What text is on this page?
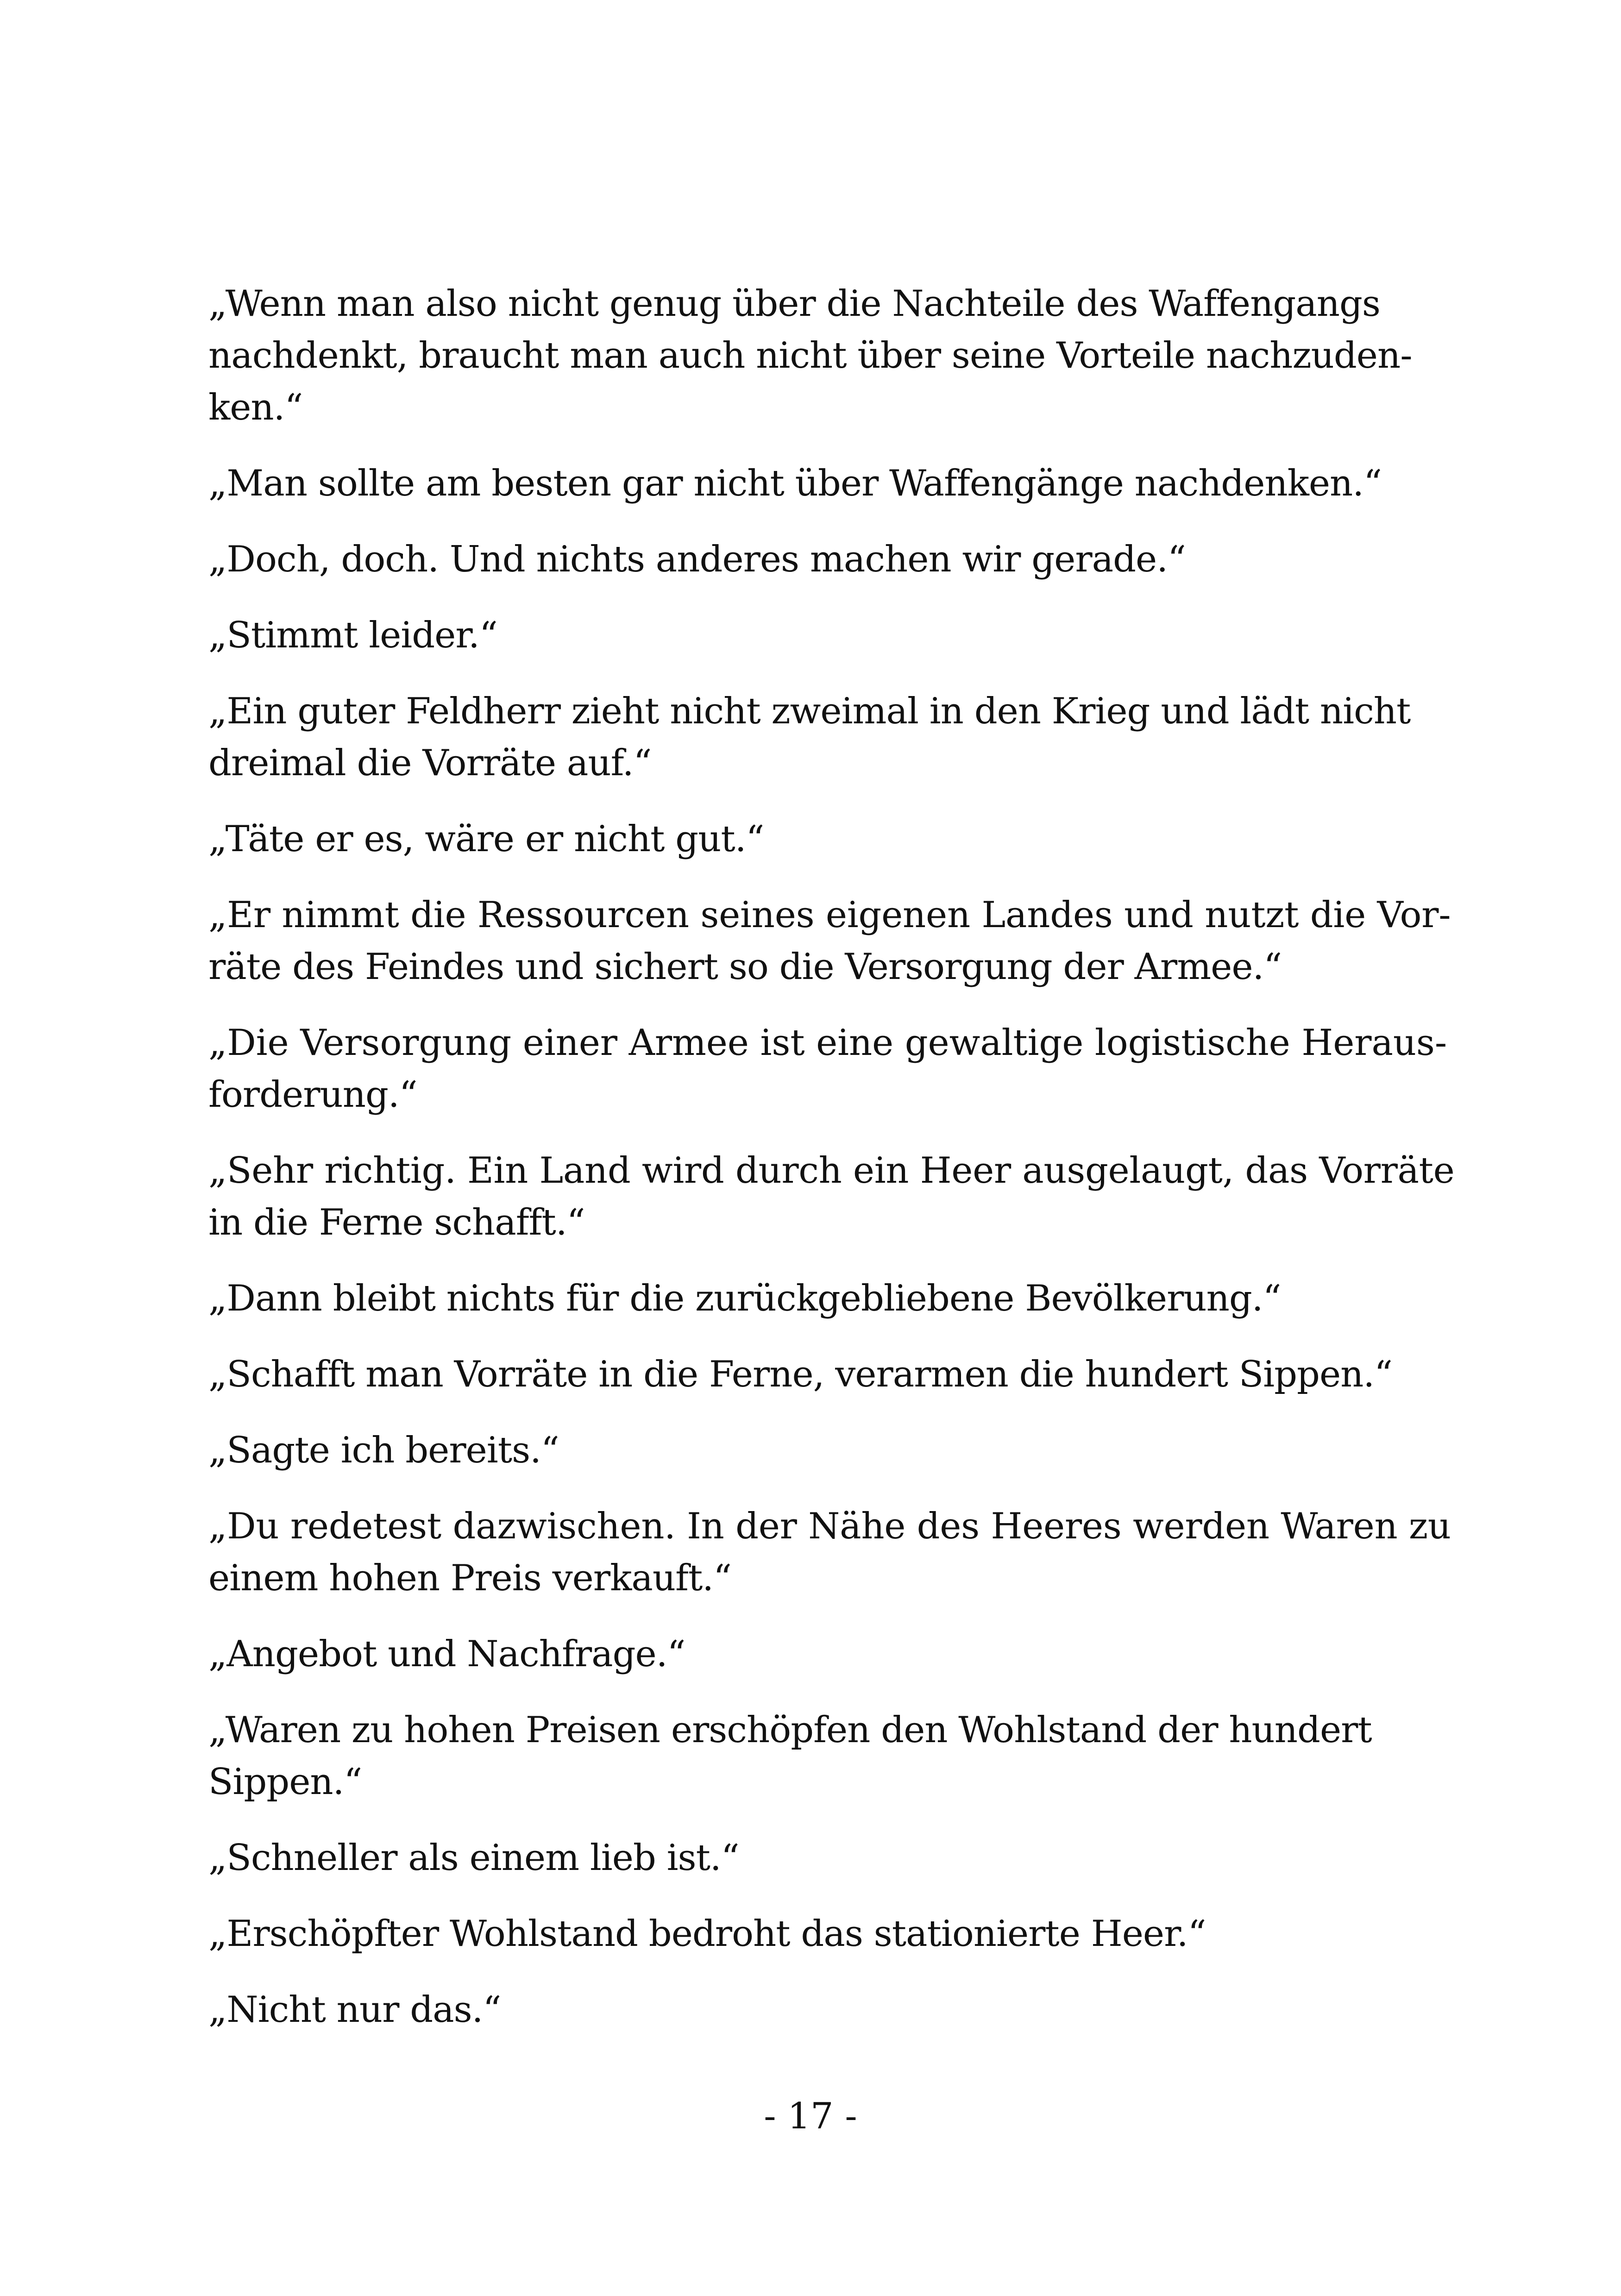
„Wenn man also nicht genug über die Nachteile des Waffengangs
nachdenkt, braucht man auch nicht über seine Vorteile nachzuden-
ken.“

„Man sollte am besten gar nicht über Waffengänge nachdenken.“

„Doch, doch. Und nichts anderes machen wir gerade.“

„Stimmt leider.“

„Ein guter Feldherr zieht nicht zweimal in den Krieg und lädt nicht
dreimal die Vorräte auf.“

„Täte er es, wäre er nicht gut.“

„Er nimmt die Ressourcen seines eigenen Landes und nutzt die Vor-
räte des Feindes und sichert so die Versorgung der Armee.“

„Die Versorgung einer Armee ist eine gewaltige logistische Heraus-
forderung.“

„Sehr richtig. Ein Land wird durch ein Heer ausgelaugt, das Vorräte
in die Ferne schafft.“

„Dann bleibt nichts für die zurückgebliebene Bevölkerung.“

„Schafft man Vorräte in die Ferne, verarmen die hundert Sippen.“

„Sagte ich bereits.“

„Du redetest dazwischen. In der Nähe des Heeres werden Waren zu
einem hohen Preis verkauft.“

„Angebot und Nachfrage.“

„Waren zu hohen Preisen erschöpfen den Wohlstand der hundert
Sippen.“

„Schneller als einem lieb ist.“

„Erschöpfter Wohlstand bedroht das stationierte Heer.“

„Nicht nur das.“

- 17 -
